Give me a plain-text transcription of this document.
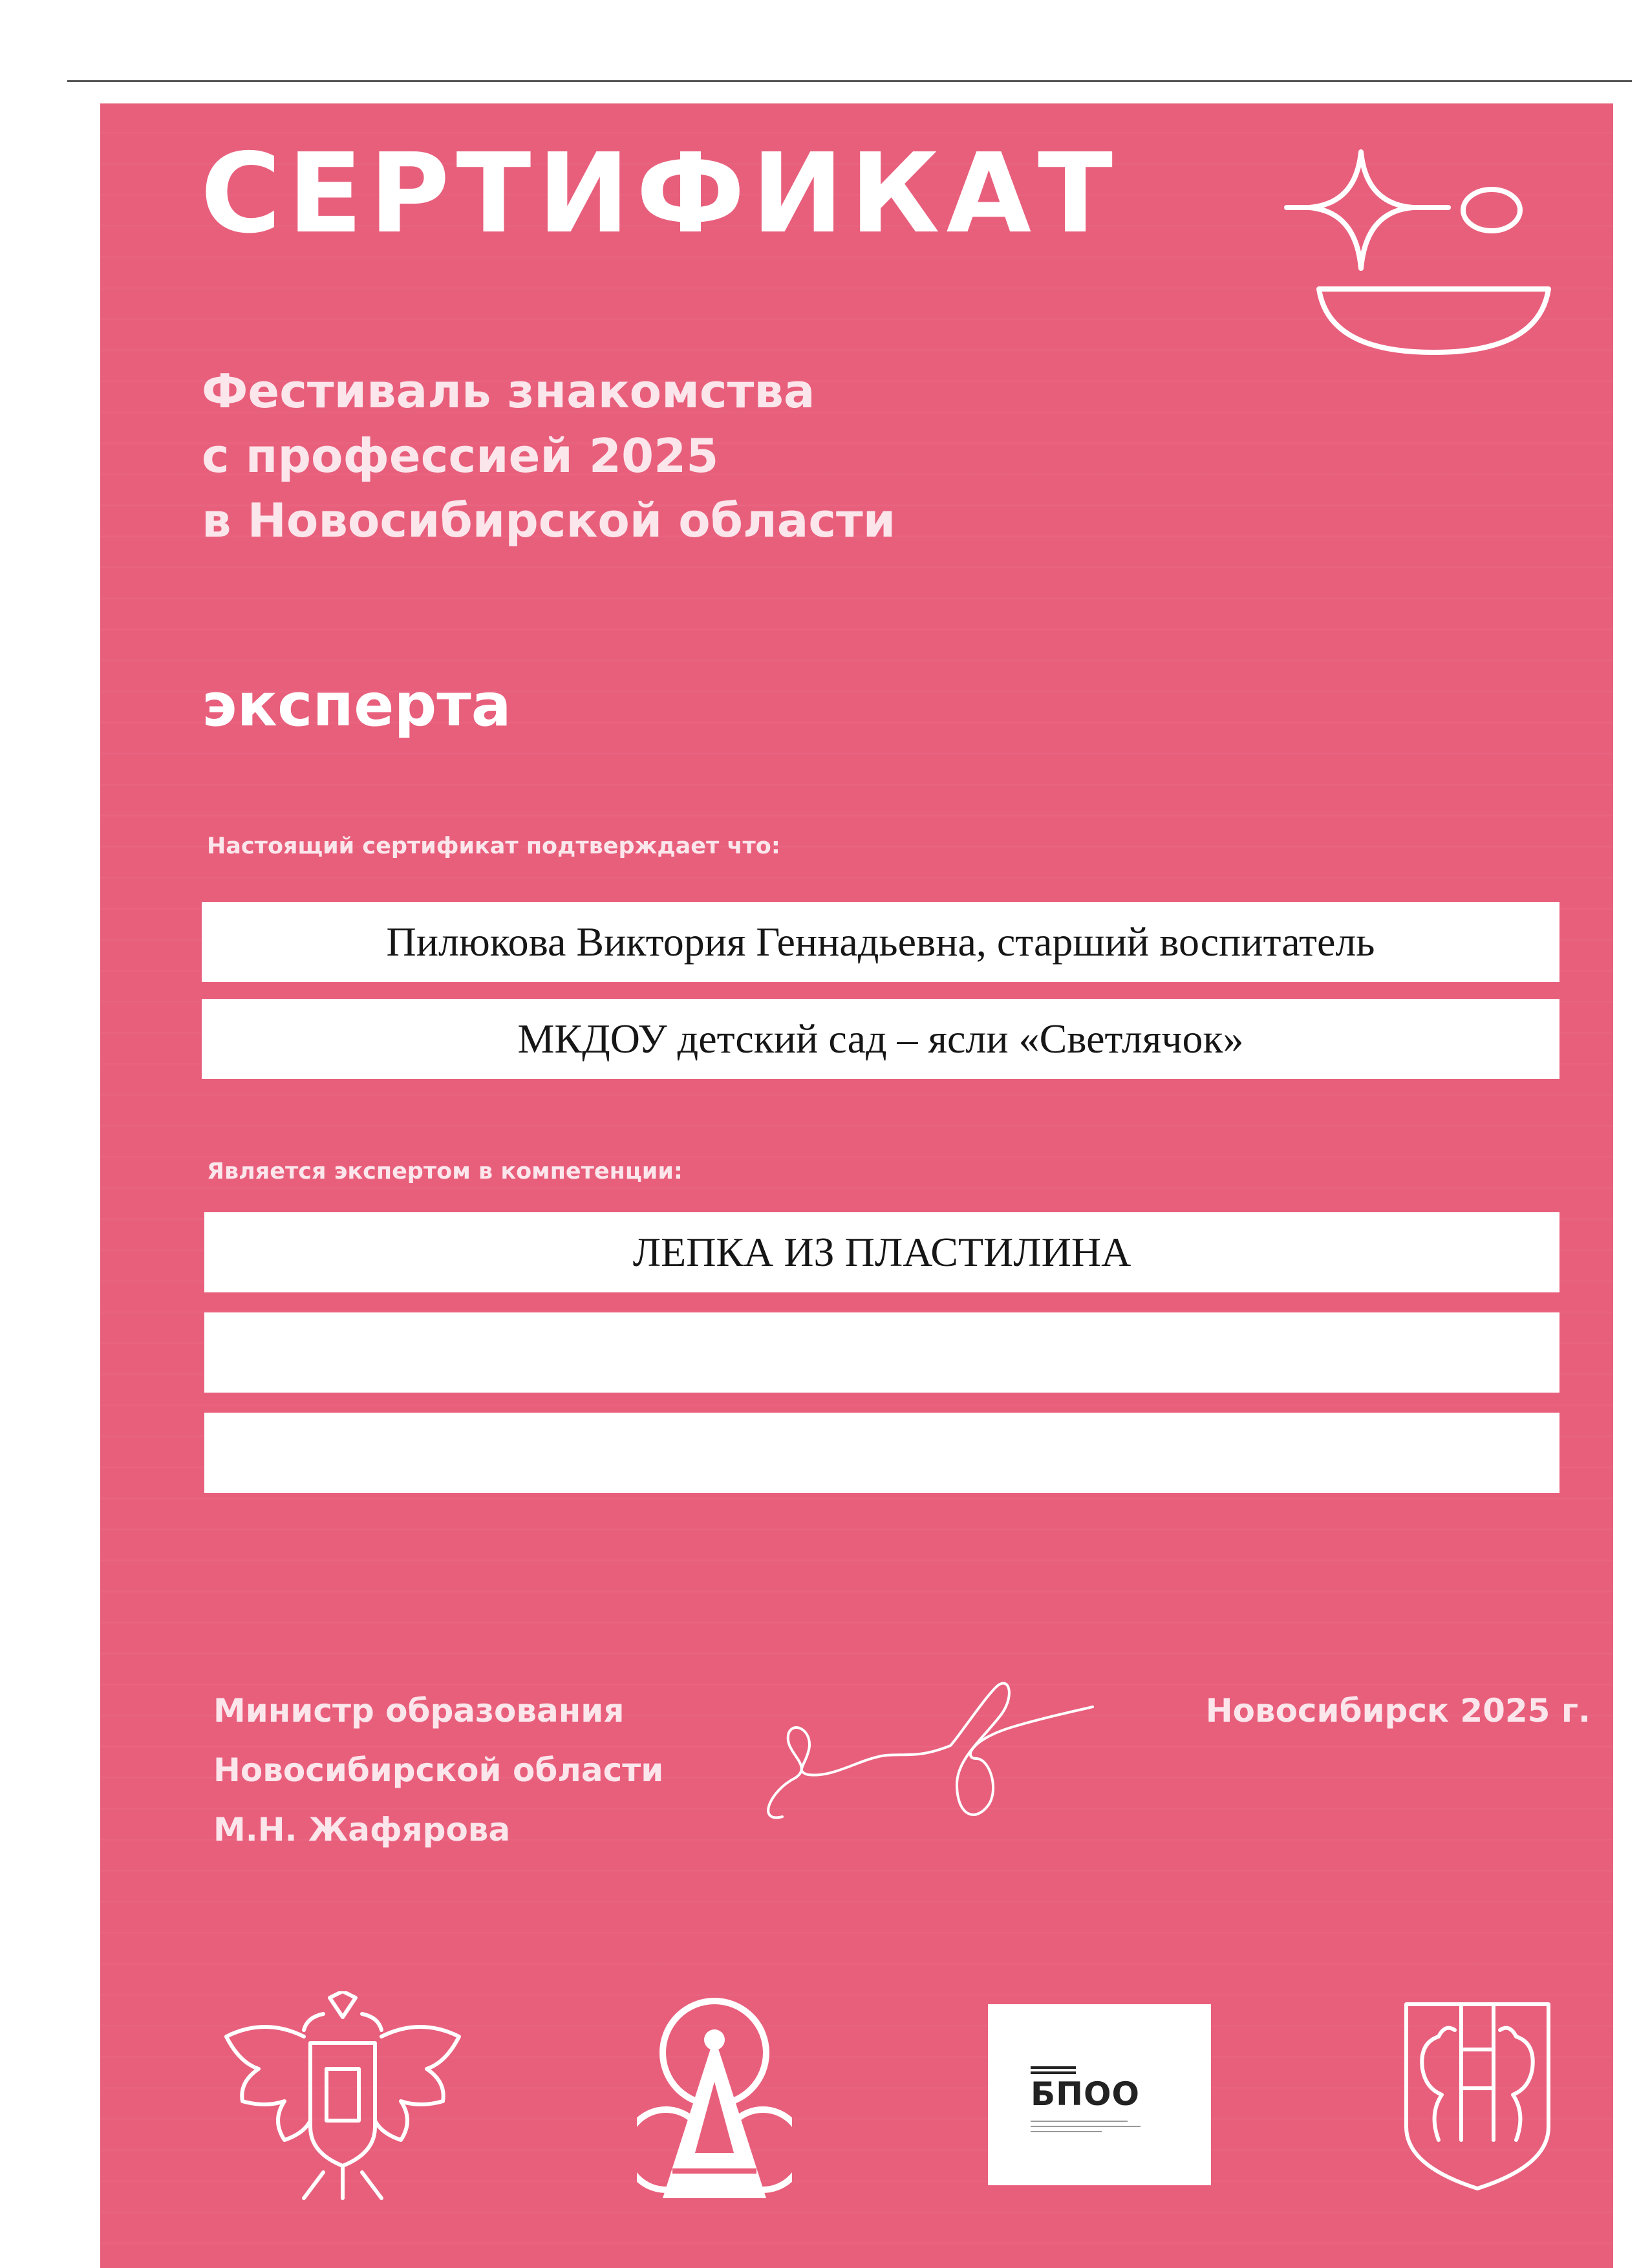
СЕРТИФИКАТ
Фестиваль знакомства
с профессией 2025
в Новосибирской области
эксперта
Настоящий сертификат подтверждает что:
Пилюкова Виктория Геннадьевна, старший воспитатель
МКДОУ детский сад – ясли «Светлячок»
Является экспертом в компетенции:
ЛЕПКА ИЗ ПЛАСТИЛИНА
Министр образования
Новосибирской области
М.Н. Жафярова
Новосибирск 2025 г.
БПОО
